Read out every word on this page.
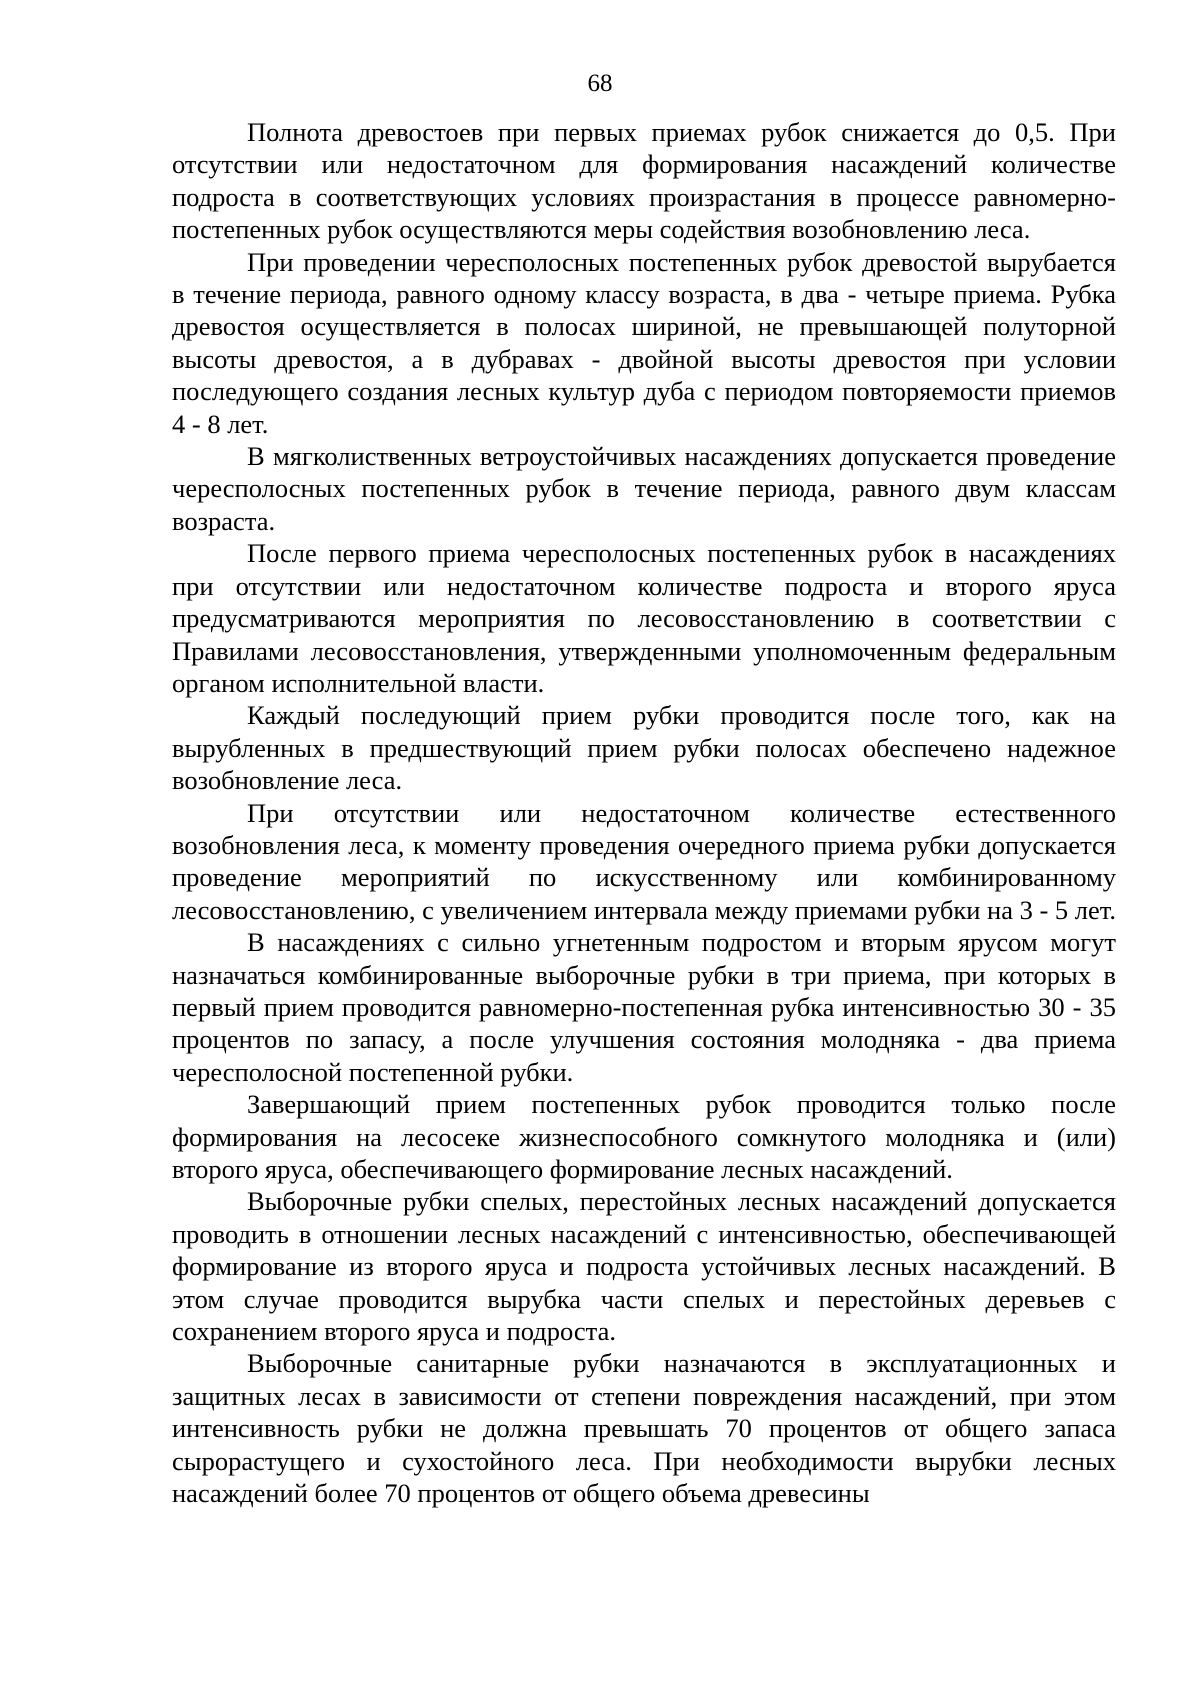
68

Полнота древостоев при первых приемах рубок снижается до 0,5. При отсутствии или недостаточном для формирования насаждений количестве подроста в соответствующих условиях произрастания в процессе равномерно-постепенных рубок осуществляются меры содействия возобновлению леса.

При проведении чересполосных постепенных рубок древостой вырубается в течение периода, равного одному классу возраста, в два - четыре приема. Рубка древостоя осуществляется в полосах шириной, не превышающей полуторной высоты древостоя, а в дубравах - двойной высоты древостоя при условии последующего создания лесных культур дуба с периодом повторяемости приемов 4 - 8 лет.

В мягколиственных ветроустойчивых насаждениях допускается проведение чересполосных постепенных рубок в течение периода, равного двум классам возраста.

После первого приема чересполосных постепенных рубок в насаждениях при отсутствии или недостаточном количестве подроста и второго яруса предусматриваются мероприятия по лесовосстановлению в соответствии с Правилами лесовосстановления, утвержденными уполномоченным федеральным органом исполнительной власти.

Каждый последующий прием рубки проводится после того, как на вырубленных в предшествующий прием рубки полосах обеспечено надежное возобновление леса.

При отсутствии или недостаточном количестве естественного возобновления леса, к моменту проведения очередного приема рубки допускается проведение мероприятий по искусственному или комбинированному лесовосстановлению, с увеличением интервала между приемами рубки на 3 - 5 лет.

В насаждениях с сильно угнетенным подростом и вторым ярусом могут назначаться комбинированные выборочные рубки в три приема, при которых в первый прием проводится равномерно-постепенная рубка интенсивностью 30 - 35 процентов по запасу, а после улучшения состояния молодняка - два приема чересполосной постепенной рубки.

Завершающий прием постепенных рубок проводится только после формирования на лесосеке жизнеспособного сомкнутого молодняка и (или) второго яруса, обеспечивающего формирование лесных насаждений.

Выборочные рубки спелых, перестойных лесных насаждений допускается проводить в отношении лесных насаждений с интенсивностью, обеспечивающей формирование из второго яруса и подроста устойчивых лесных насаждений. В этом случае проводится вырубка части спелых и перестойных деревьев с сохранением второго яруса и подроста.

Выборочные санитарные рубки назначаются в эксплуатационных и защитных лесах в зависимости от степени повреждения насаждений, при этом интенсивность рубки не должна превышать 70 процентов от общего запаса сырорастущего и сухостойного леса. При необходимости вырубки лесных насаждений более 70 процентов от общего объема древесины
